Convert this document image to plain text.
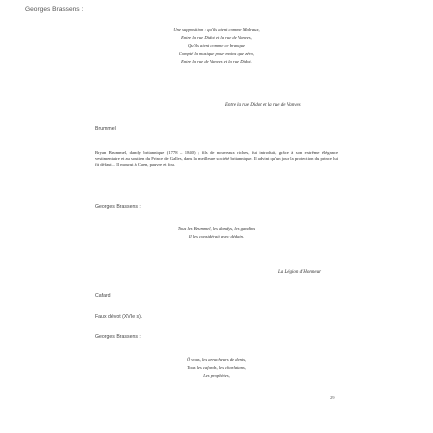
Georges Brassens :

Une supposition : qu'ils aient comme Malraux,

Entre la rue Didot et la rue de Vanves,

Qu'ils aient comme ce branque

Compté la musique pour moins que zéro,

Entre la rue de Vanves et la rue Didot.

Entre la rue Didot et la rue de Vanves

Brummel

Bryan Brummel, dandy britannique (1778 – 1840) ; fils de nouveaux riches, fut introduit, grâce à son extrême élégance vestimentaire et au soutien du Prince de Galles, dans la meilleure société britannique. Il advint qu'un jour la protection du prince lui fit défaut... Il mourut à Caen, pauvre et fou.

Georges Brassens :

Tous les Brummel, les dandys, les gandins

Il les considérait avec dédain.

La Légion d'Honneur

Cafard

Faux dévot (XVIe s).

Georges Brassens :

Ô vous, les arracheurs de dents,

Tous les cafards, les charlatans,

Les prophètes,

29
